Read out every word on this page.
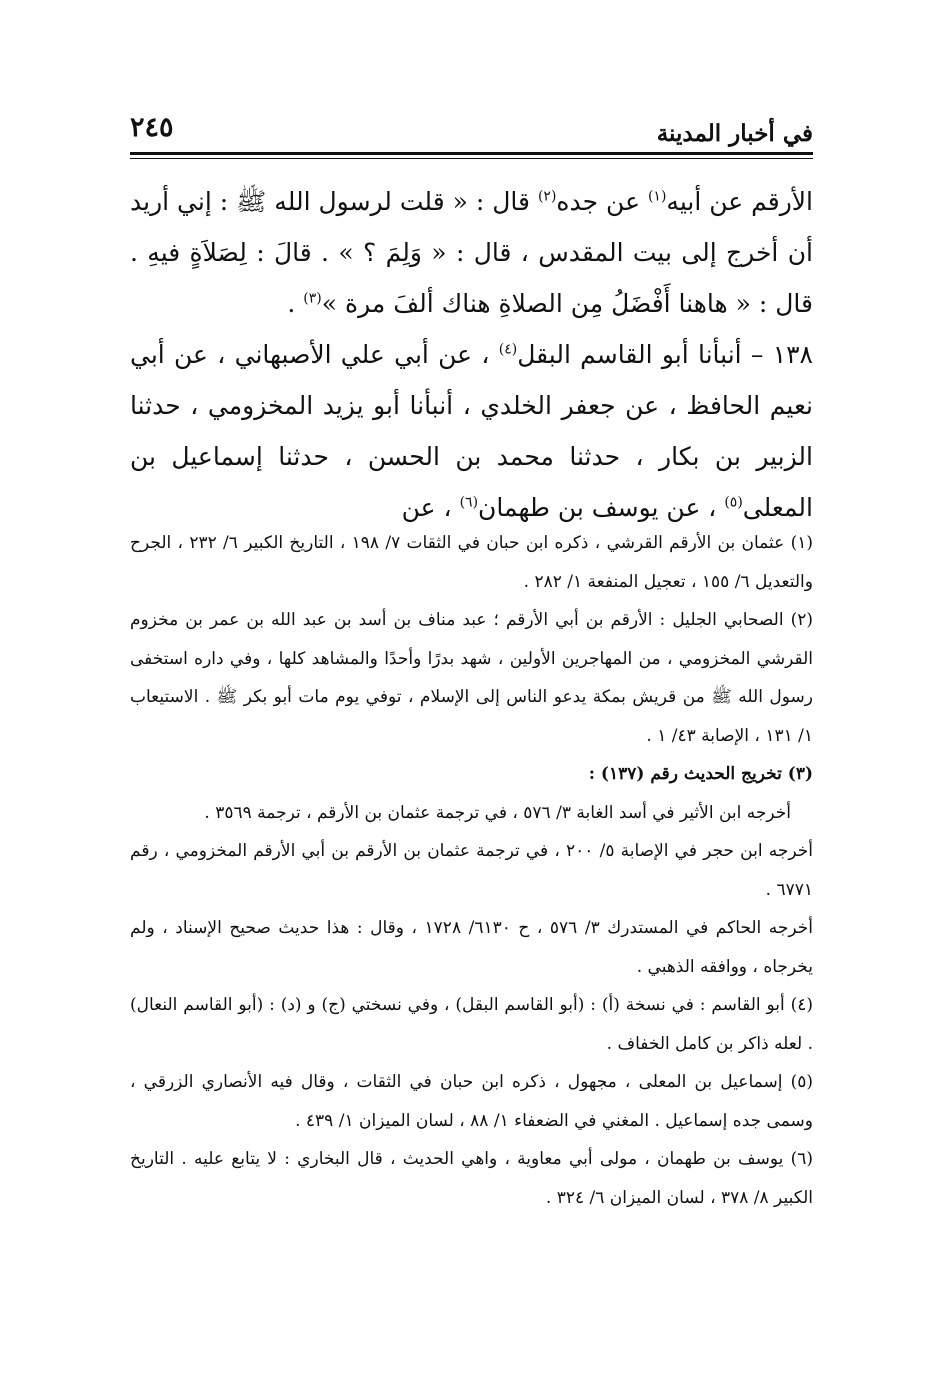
في أخبار المدينة
٢٤٥

الأرقم عن أبيه$^{(١)}$ عن جده$^{(٢)}$ قال : « قلت لرسول الله ﷺ : إني أريد أن أخرج إلى بيت المقدس ، قال : « وَلِمَ ؟ » . قالَ : لِصَلاَةٍ فيهِ . قال : « هاهنا أَفْضَلُ مِن الصلاةِ هناك ألفَ مرة »$^{(٣)}$ .

١٣٨ – أنبأنا أبو القاسم البقل$^{(٤)}$ ، عن أبي علي الأصبهاني ، عن أبي نعيم الحافظ ، عن جعفر الخلدي ، أنبأنا أبو يزيد المخزومي ، حدثنا الزبير بن بكار ، حدثنا محمد بن الحسن ، حدثنا إسماعيل بن المعلى$^{(٥)}$ ، عن يوسف بن طهمان$^{(٦)}$ ، عن

(١) عثمان بن الأرقم القرشي ، ذكره ابن حبان في الثقات ٧/ ١٩٨ ، التاريخ الكبير ٦/ ٢٣٢ ، الجرح والتعديل ٦/ ١٥٥ ، تعجيل المنفعة ١/ ٢٨٢ .

(٢) الصحابي الجليل : الأرقم بن أبي الأرقم ؛ عبد مناف بن أسد بن عبد الله بن عمر بن مخزوم القرشي المخزومي ، من المهاجرين الأولين ، شهد بدرًا وأحدًا والمشاهد كلها ، وفي داره استخفى رسول الله ﷺ من قريش بمكة يدعو الناس إلى الإسلام ، توفي يوم مات أبو بكر ﷺ . الاستيعاب ١/ ١٣١ ، الإصابة ٤٣/ ١ .

(٣) تخريج الحديث رقم (١٣٧) :

أخرجه ابن الأثير في أسد الغابة ٣/ ٥٧٦ ، في ترجمة عثمان بن الأرقم ، ترجمة ٣٥٦٩ .

أخرجه ابن حجر في الإصابة ٥/ ٢٠٠ ، في ترجمة عثمان بن الأرقم بن أبي الأرقم المخزومي ، رقم ٦٧٧١ .

أخرجه الحاكم في المستدرك ٣/ ٥٧٦ ، ح ٦١٣٠/ ١٧٢٨ ، وقال : هذا حديث صحيح الإسناد ، ولم يخرجاه ، ووافقه الذهبي .

(٤) أبو القاسم : في نسخة (أ) : (أبو القاسم البقل) ، وفي نسختي (ج) و (د) : (أبو القاسم النعال) . لعله ذاكر بن كامل الخفاف .

(٥) إسماعيل بن المعلى ، مجهول ، ذكره ابن حبان في الثقات ، وقال فيه الأنصاري الزرقي ، وسمى جده إسماعيل . المغني في الضعفاء ١/ ٨٨ ، لسان الميزان ١/ ٤٣٩ .

(٦) يوسف بن طهمان ، مولى أبي معاوية ، واهي الحديث ، قال البخاري : لا يتابع عليه . التاريخ الكبير ٨/ ٣٧٨ ، لسان الميزان ٦/ ٣٢٤ .
